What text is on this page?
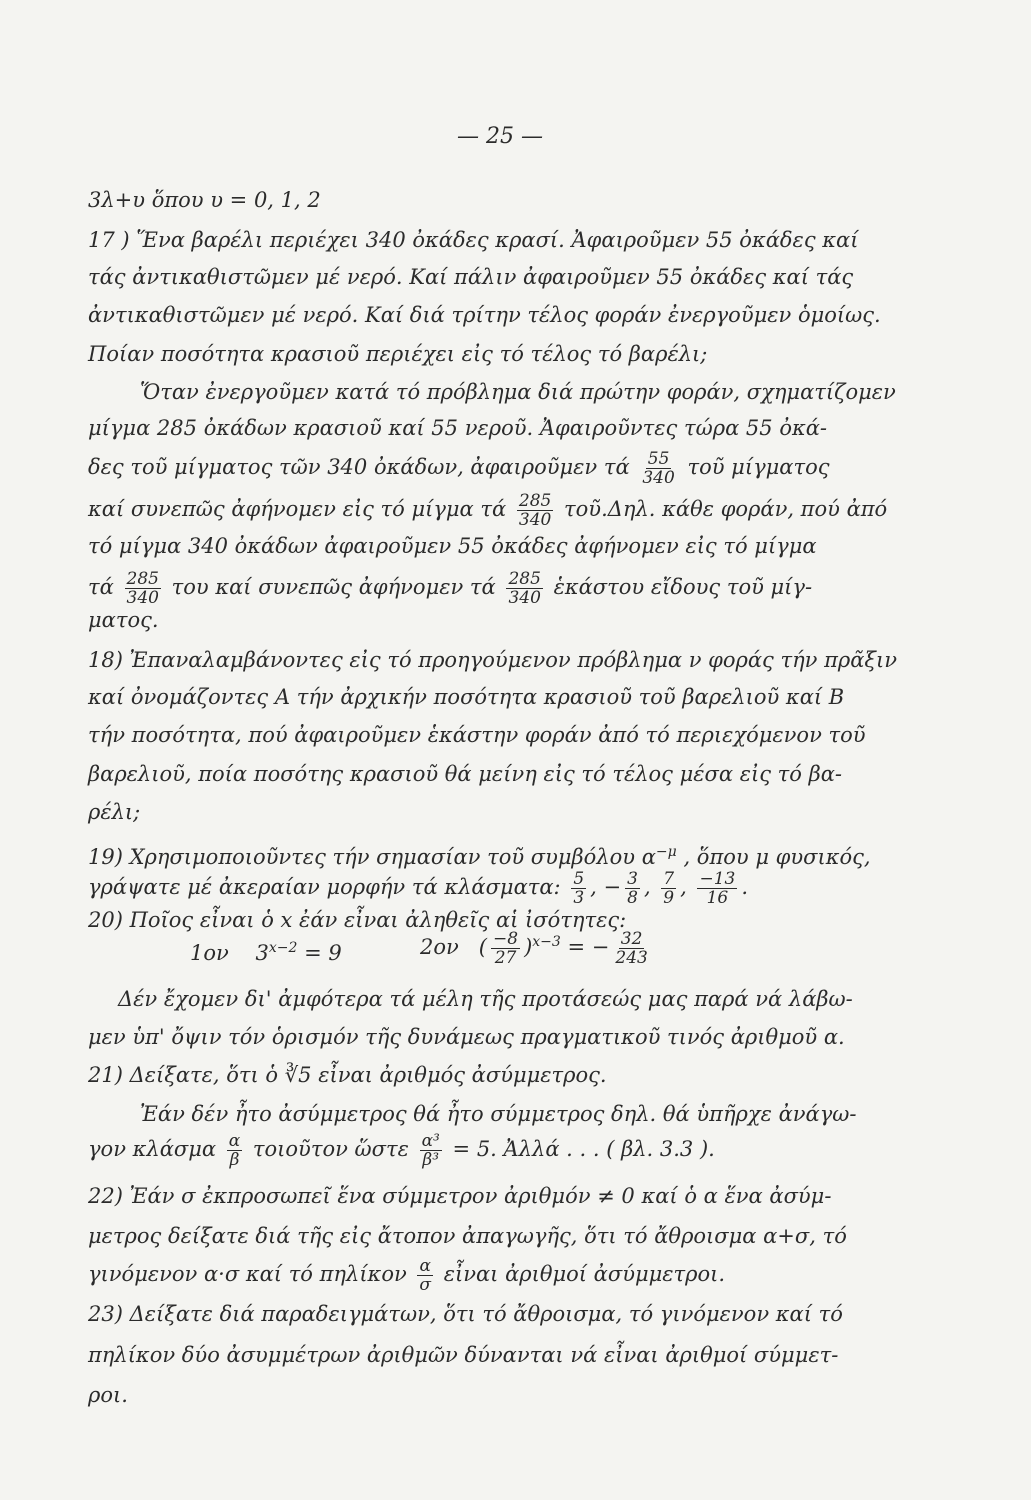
— 25 —
3λ+υ ὅπου υ = 0, 1, 2
17 ) Ἕνα βαρέλι περιέχει 340 ὀκάδες κρασί. Ἀφαιροῦμεν 55 ὀκάδες καί
τάς ἀντικαθιστῶμεν μέ νερό. Καί πάλιν ἀφαιροῦμεν 55 ὀκάδες καί τάς
ἀντικαθιστῶμεν μέ νερό. Καί διά τρίτην τέλος φοράν ἐνεργοῦμεν ὁμοίως.
Ποίαν ποσότητα κρασιοῦ περιέχει εἰς τό τέλος τό βαρέλι;
Ὅταν ἐνεργοῦμεν κατά τό πρόβλημα διά πρώτην φοράν, σχηματίζομεν
μίγμα 285 ὀκάδων κρασιοῦ καί 55 νεροῦ. Ἀφαιροῦντες τώρα 55 ὀκά-
δες τοῦ μίγματος τῶν 340 ὀκάδων, ἀφαιροῦμεν τά $\frac{55}{340}$ τοῦ μίγματος
καί συνεπῶς ἀφήνομεν εἰς τό μίγμα τά $\frac{285}{340}$ τοῦ.Δηλ. κάθε φοράν, πού ἀπό
τό μίγμα 340 ὀκάδων ἀφαιροῦμεν 55 ὀκάδες ἀφήνομεν εἰς τό μίγμα
τά $\frac{285}{340}$ του καί συνεπῶς ἀφήνομεν τά $\frac{285}{340}$ ἑκάστου εἴδους τοῦ μίγ-
ματος.
18) Ἐπαναλαμβάνοντες εἰς τό προηγούμενον πρόβλημα ν φοράς τήν πρᾶξιν
καί ὀνομάζοντες Α τήν ἀρχικήν ποσότητα κρασιοῦ τοῦ βαρελιοῦ καί Β
τήν ποσότητα, πού ἀφαιροῦμεν ἑκάστην φοράν ἀπό τό περιεχόμενον τοῦ
βαρελιοῦ, ποία ποσότης κρασιοῦ θά μείνη εἰς τό τέλος μέσα εἰς τό βα-
ρέλι;
19) Χρησιμοποιοῦντες τήν σημασίαν τοῦ συμβόλου $\alpha^{-\mu}$ , ὅπου μ φυσικός,
γράψατε μέ ἀκεραίαν μορφήν τά κλάσματα: $\frac{5}{3}$ , − $\frac{3}{8}$ , $\frac{7}{9}$ , $\frac{-13}{16}$ .
20) Ποῖος εἶναι ὁ x ἐάν εἶναι ἀληθεῖς αἱ ἰσότητες:
1ον $3^{x-2} = 9$	2ον   ( $\frac{-8}{27} )^{x-3}$ = − $\frac{32}{243}$
Δέν ἔχομεν δι' ἀμφότερα τά μέλη τῆς προτάσεώς μας παρά νά λάβω-
μεν ὑπ' ὄψιν τόν ὁρισμόν τῆς δυνάμεως πραγματικοῦ τινός ἀριθμοῦ α.
21) Δείξατε, ὅτι ὁ ∛5 εἶναι ἀριθμός ἀσύμμετρος.
Ἐάν δέν ἦτο ἀσύμμετρος θά ἦτο σύμμετρος δηλ. θά ὑπῆρχε ἀνάγω-
γον κλάσμα $\frac{\alpha}{\beta}$ τοιοῦτον ὥστε $\frac{\text{α³}}{\text{β³}} = 5$. Ἀλλά . . . ( βλ. 3.3 ).
22) Ἐάν σ ἐκπροσωπεῖ ἕνα σύμμετρον ἀριθμόν ≠ 0 καί ὁ α ἕνα ἀσύμ-
μετρος δείξατε διά τῆς εἰς ἄτοπον ἀπαγωγῆς, ὅτι τό ἄθροισμα α+σ, τό
γινόμενον α·σ καί τό πηλίκον $\frac{\alpha}{\sigma}$ εἶναι ἀριθμοί ἀσύμμετροι.
23) Δείξατε διά παραδειγμάτων, ὅτι τό ἄθροισμα, τό γινόμενον καί τό
πηλίκον δύο ἀσυμμέτρων ἀριθμῶν δύνανται νά εἶναι ἀριθμοί σύμμετ-
ροι.
